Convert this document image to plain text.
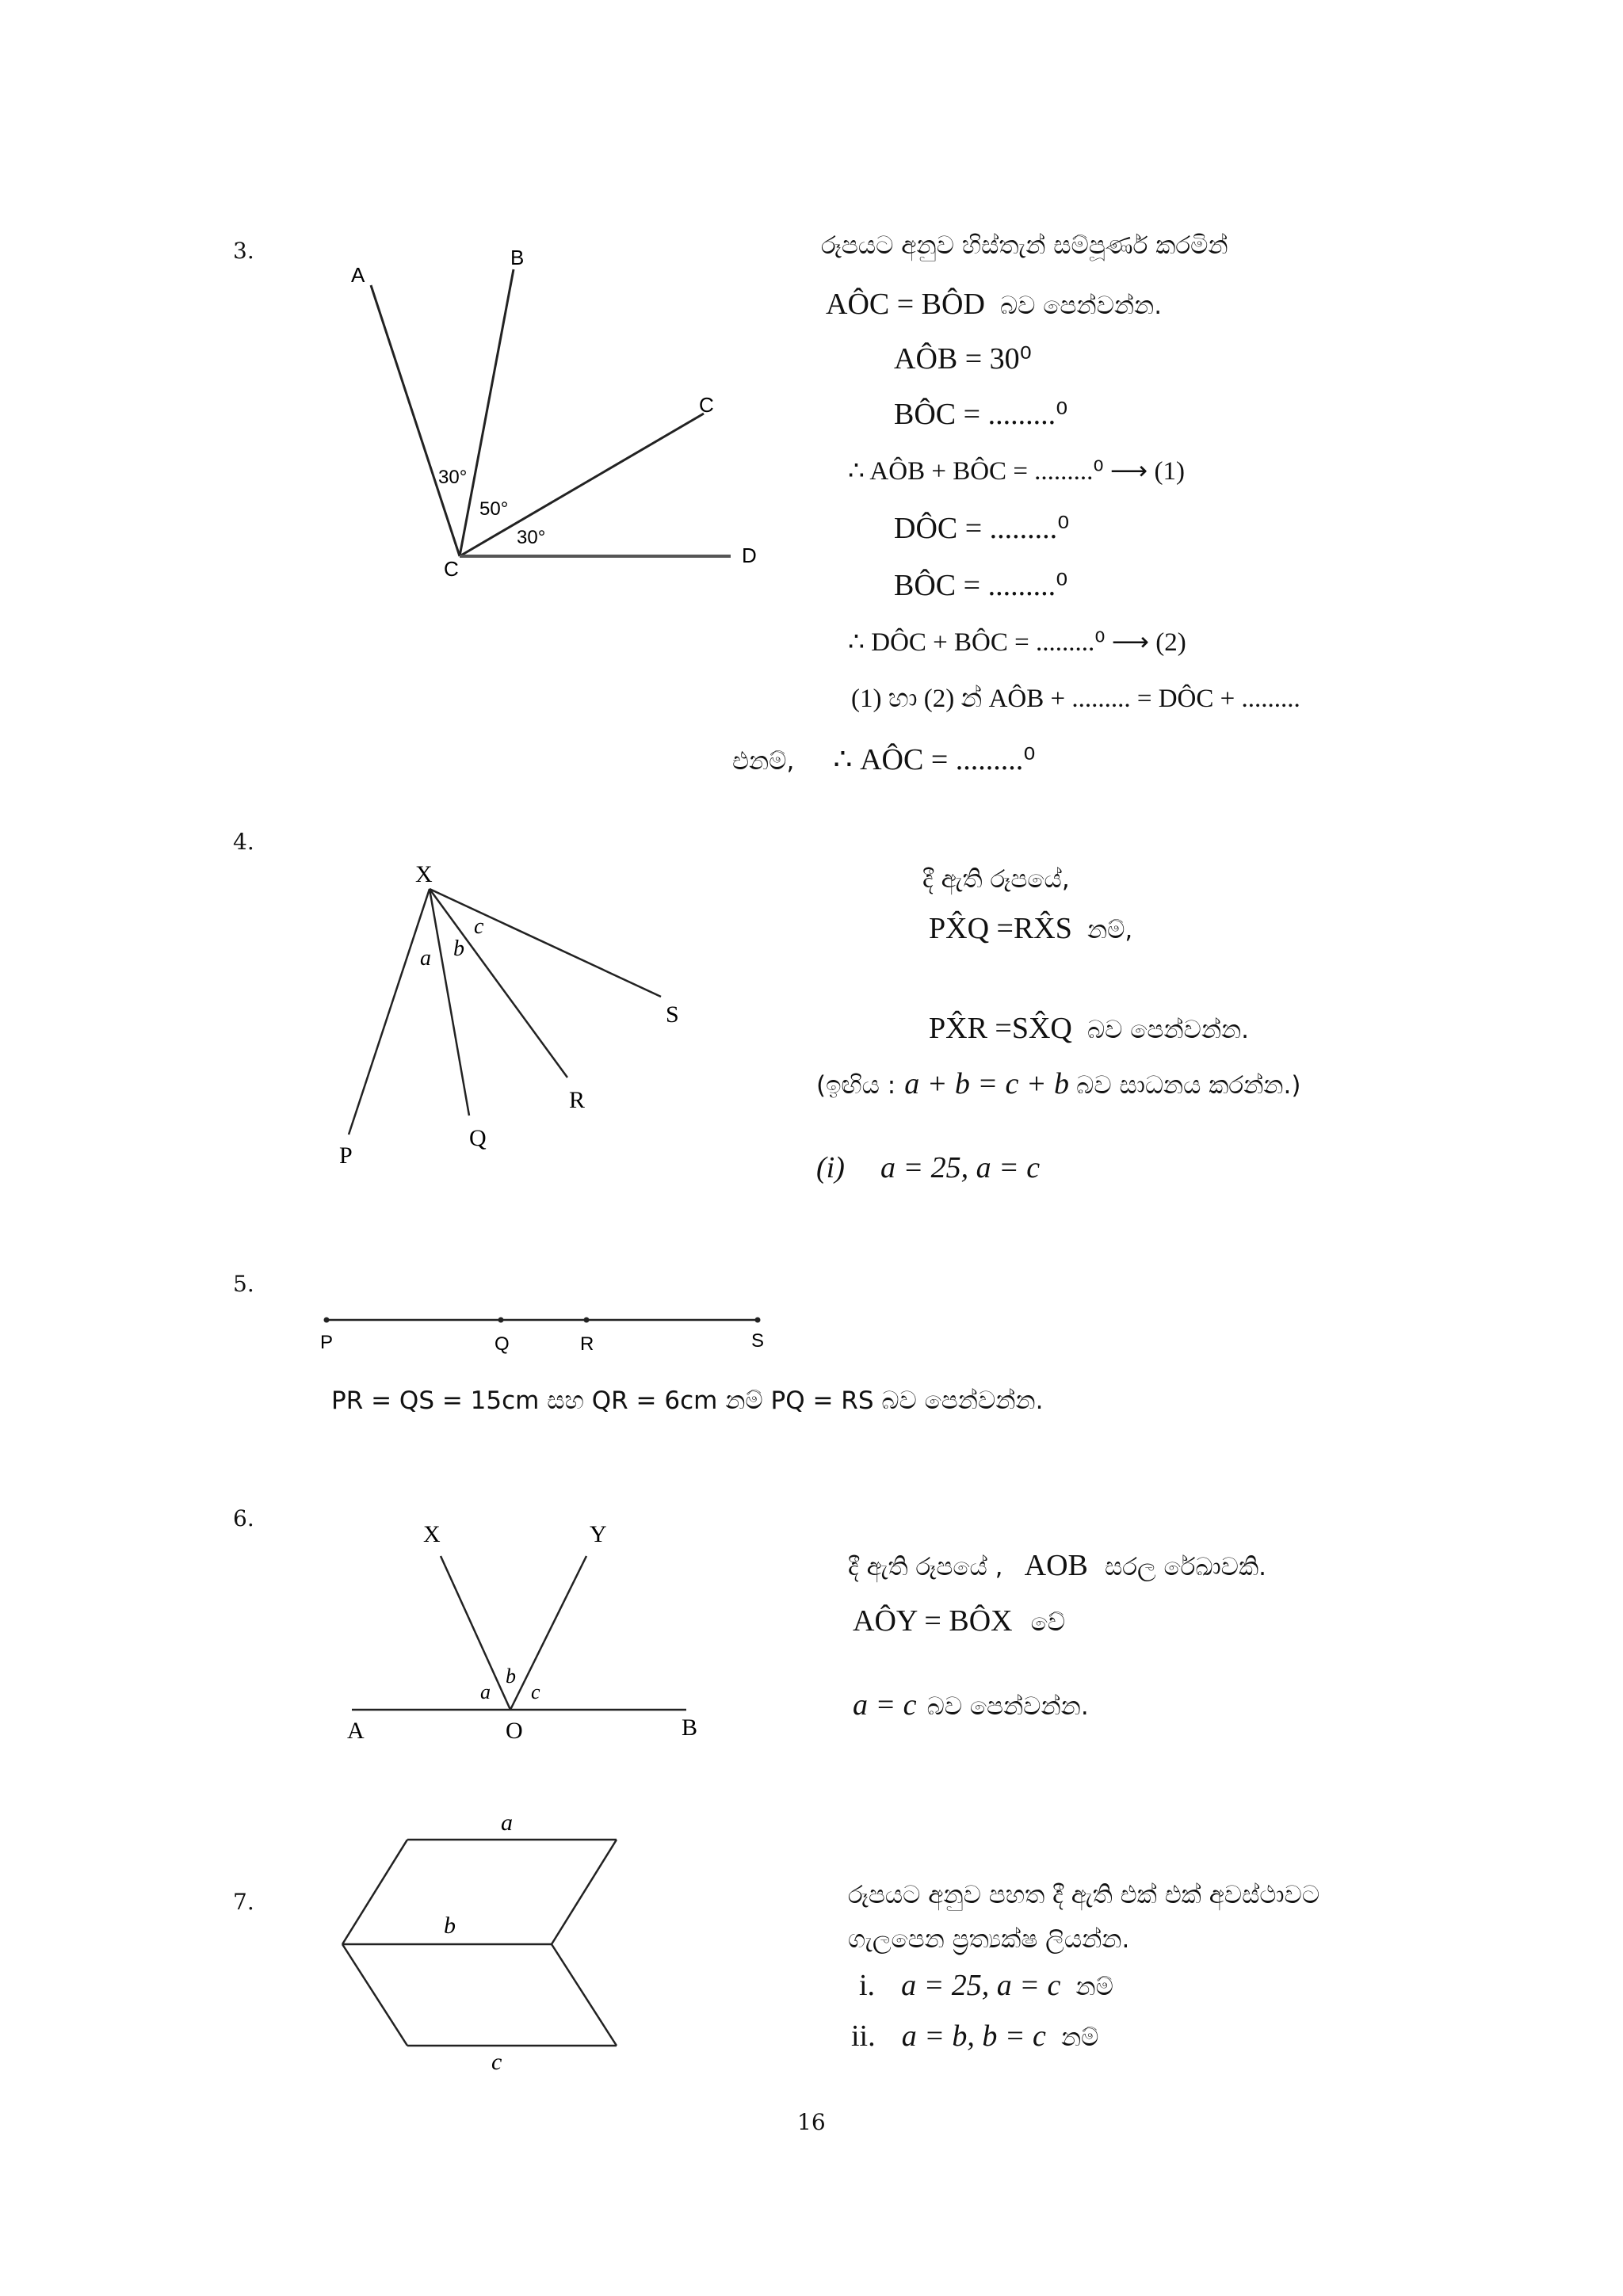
3.
A
B
C
D
C
30°
50°
30°
X
P
Q
R
S
a b
c
P	Q	R	S
X	Y
A	O	B
a
b
c
a
b
c
රූපයට අනුව හිස්තැන් සම්පූර්ණ කරමින්
AÔC = BÔD බව පෙන්වන්න.
AÔB = 30⁰
BÔC = .........⁰
∴ AÔB + BÔC = .........⁰ ⟶ (1)
DÔC = .........⁰
BÔC = .........⁰
∴ DÔC + BÔC = .........⁰ ⟶ (2)
(1) හා (2) න් AÔB + ......... = DÔC + .........
එනම්, ∴ AÔC = .........⁰
4.
දී ඇති රූපයේ,
PX̂Q =RX̂S නම්,
PX̂R =SX̂Q බව පෙන්වන්න.
(ඉඟිය : a + b = c + b බව සාධනය කරන්න.)
(i) a = 25, a = c
5.
PR = QS = 15cm සහ QR = 6cm නම් PQ = RS බව පෙන්වන්න.
6.
දී ඇති රූපයේ , AOB සරල රේඛාවකි.
AÔY = BÔX වේ
a = c බව පෙන්වන්න.
7.	රූපයට අනුව පහත දී ඇති එක් එක් අවස්ථාවට
ගැලපෙන ප්‍රත්‍යක්ෂ ලියන්න.
i. a = 25, a = c නම්
ii. a = b, b = c නම්
16
